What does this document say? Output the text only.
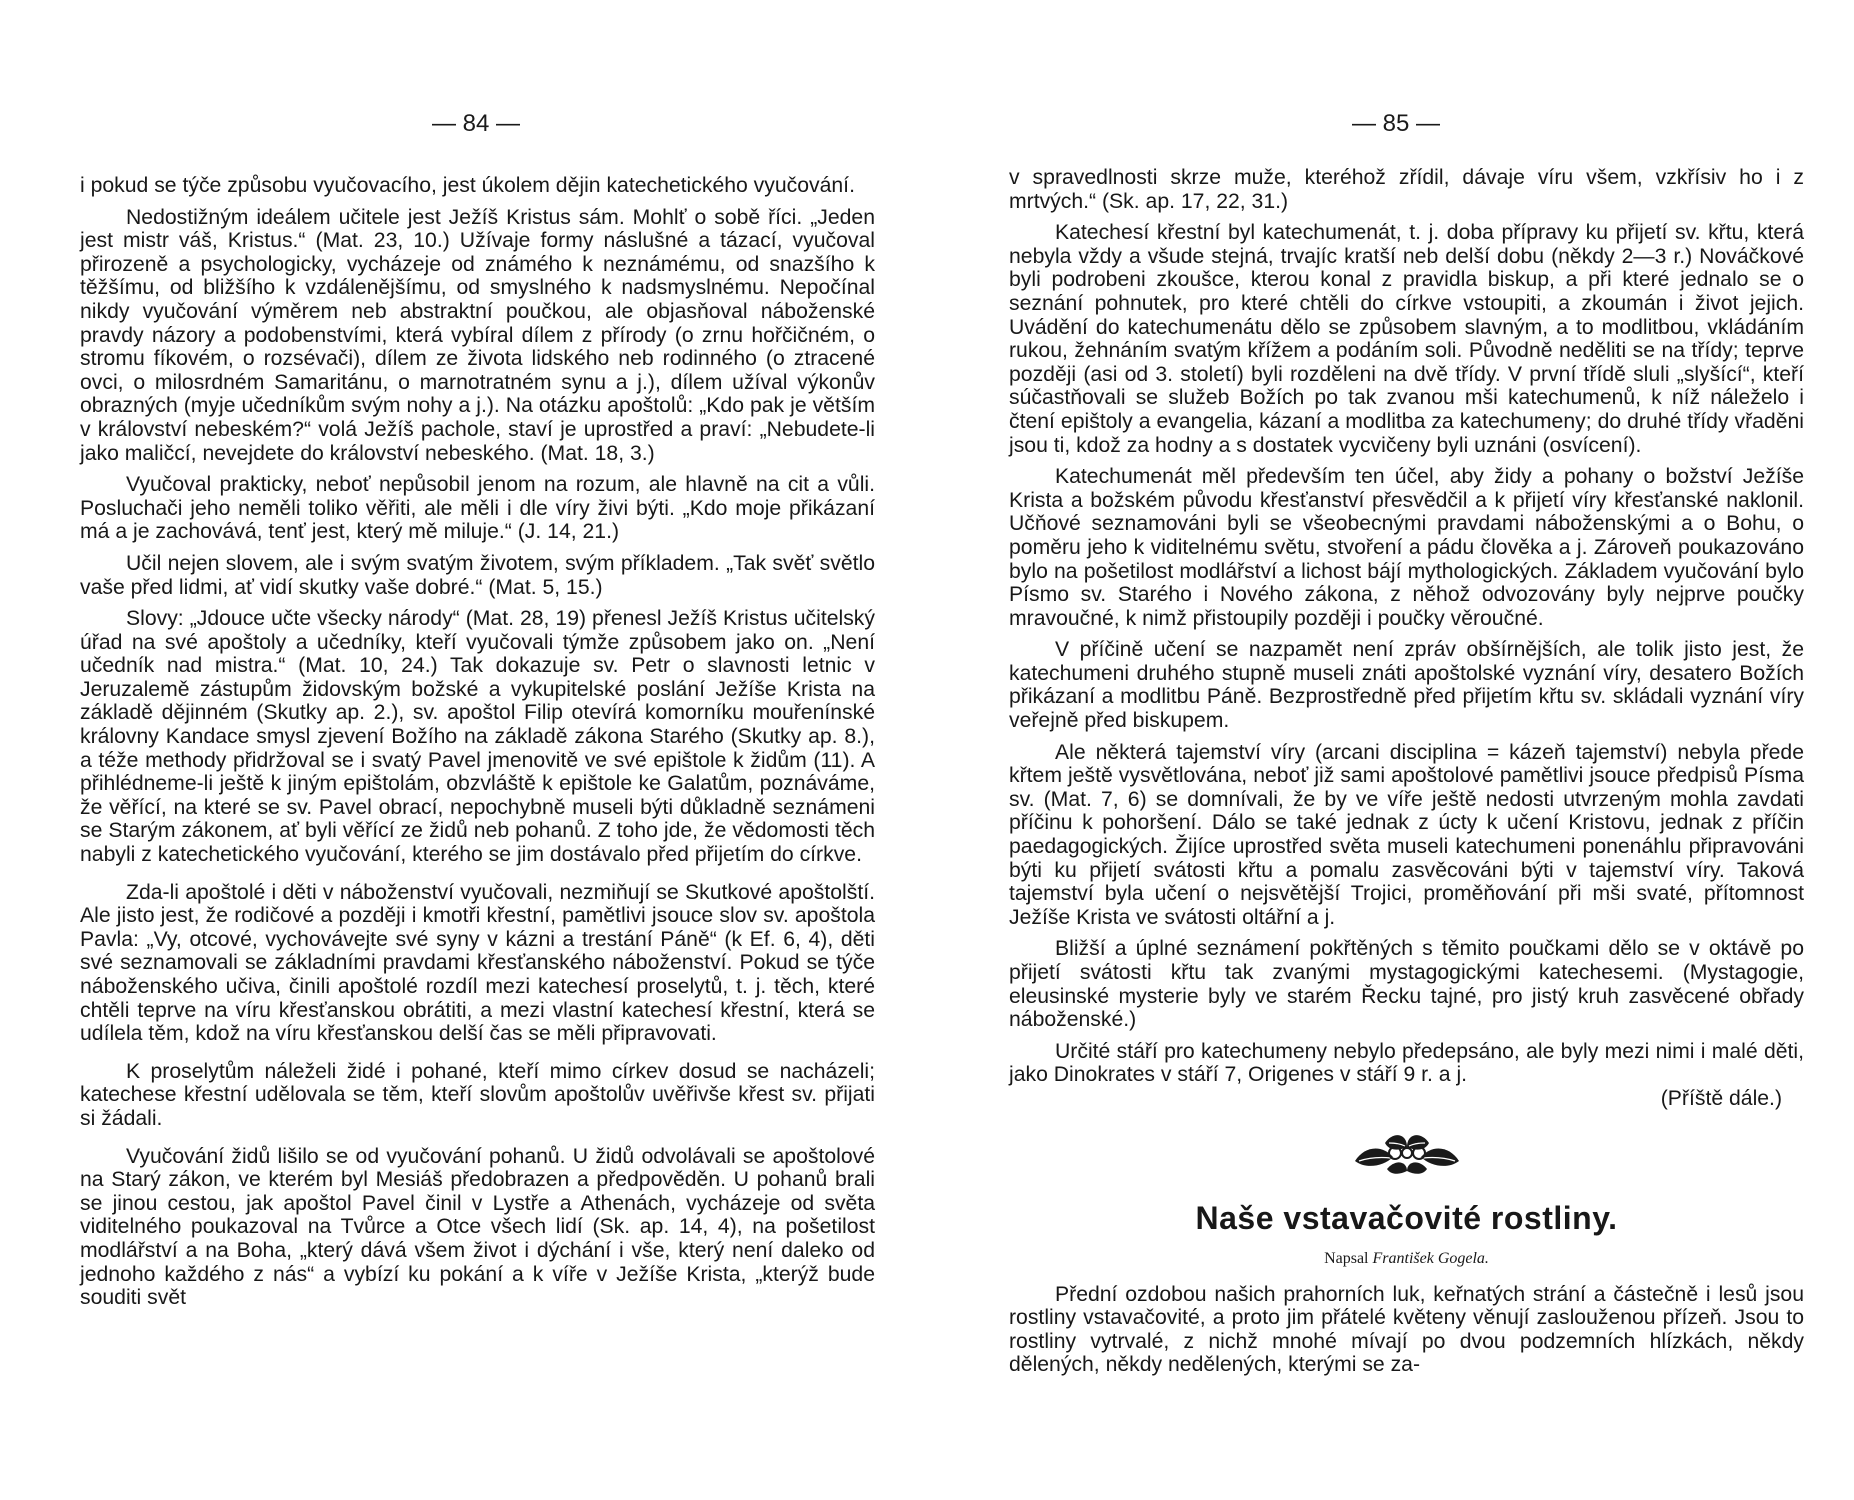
— 84 —

i pokud se týče způsobu vyučovacího, jest úkolem dějin katechetického vyučování.

Nedostižným ideálem učitele jest Ježíš Kristus sám. Mohlť o sobě říci. „Jeden jest mistr váš, Kristus.“ (Mat. 23, 10.) Užívaje formy náslušné a tázací, vyučoval přirozeně a psychologicky, vycházeje od známého k neznámému, od snazšího k těžšímu, od bližšího k vzdálenějšímu, od smyslného k nadsmyslnému. Nepočínal nikdy vyučování výměrem neb abstraktní poučkou, ale objasňoval náboženské pravdy názory a podobenstvími, která vybíral dílem z přírody (o zrnu hořčičném, o stromu fíkovém, o rozsévači), dílem ze života lidského neb rodinného (o ztracené ovci, o milosrdném Samaritánu, o marnotratném synu a j.), dílem užíval výkonův obrazných (myje učedníkům svým nohy a j.). Na otázku apoštolů: „Kdo pak je větším v království nebeském?“ volá Ježíš pachole, staví je uprostřed a praví: „Nebudete-li jako maličcí, nevejdete do království nebeského. (Mat. 18, 3.)

Vyučoval prakticky, neboť nepůsobil jenom na rozum, ale hlavně na cit a vůli. Posluchači jeho neměli toliko věřiti, ale měli i dle víry živi býti. „Kdo moje přikázaní má a je zachovává, tenť jest, který mě miluje.“ (J. 14, 21.)

Učil nejen slovem, ale i svým svatým životem, svým příkladem. „Tak svěť světlo vaše před lidmi, ať vidí skutky vaše dobré.“ (Mat. 5, 15.)

Slovy: „Jdouce učte všecky národy“ (Mat. 28, 19) přenesl Ježíš Kristus učitelský úřad na své apoštoly a učedníky, kteří vyučovali týmže způsobem jako on. „Není učedník nad mistra.“ (Mat. 10, 24.) Tak dokazuje sv. Petr o slavnosti letnic v Jeruzalemě zástupům židovským božské a vykupitelské poslání Ježíše Krista na základě dějinném (Skutky ap. 2.), sv. apoštol Filip otevírá komorníku mouřenínské královny Kandace smysl zjevení Božího na základě zákona Starého (Skutky ap. 8.), a téže methody přidržoval se i svatý Pavel jmenovitě ve své epištole k židům (11). A přihlédneme-li ještě k jiným epištolám, obzvláště k epištole ke Galatům, poznáváme, že věřící, na které se sv. Pavel obrací, nepochybně museli býti důkladně seznámeni se Starým zákonem, ať byli věřící ze židů neb pohanů. Z toho jde, že vědomosti těch nabyli z katechetického vyučování, kterého se jim dostávalo před přijetím do církve.

Zda-li apoštolé i děti v náboženství vyučovali, nezmiňují se Skutkové apoštolští. Ale jisto jest, že rodičové a později i kmotři křestní, pamětlivi jsouce slov sv. apoštola Pavla: „Vy, otcové, vychovávejte své syny v kázni a trestání Páně“ (k Ef. 6, 4), děti své seznamovali se základními pravdami křesťanského náboženství. Pokud se týče náboženského učiva, činili apoštolé rozdíl mezi katechesí proselytů, t. j. těch, které chtěli teprve na víru křesťanskou obrátiti, a mezi vlastní katechesí křestní, která se udílela těm, kdož na víru křesťanskou delší čas se měli připravovati.

K proselytům náleželi židé i pohané, kteří mimo církev dosud se nacházeli; katechese křestní udělovala se těm, kteří slovům apoštolův uvěřivše křest sv. přijati si žádali.

Vyučování židů lišilo se od vyučování pohanů. U židů odvolávali se apoštolové na Starý zákon, ve kterém byl Mesiáš předobrazen a předpověděn. U pohanů brali se jinou cestou, jak apoštol Pavel činil v Lystře a Athenách, vycházeje od světa viditelného poukazoval na Tvůrce a Otce všech lidí (Sk. ap. 14, 4), na pošetilost modlářství a na Boha, „který dává všem život i dýchání i vše, který není daleko od jednoho každého z nás“ a vybízí ku pokání a k víře v Ježíše Krista, „kterýž bude souditi svět

— 85 —

v spravedlnosti skrze muže, kteréhož zřídil, dávaje víru všem, vzkřísiv ho i z mrtvých.“ (Sk. ap. 17, 22, 31.)

Katechesí křestní byl katechumenát, t. j. doba přípravy ku přijetí sv. křtu, která nebyla vždy a všude stejná, trvajíc kratší neb delší dobu (někdy 2—3 r.) Nováčkové byli podrobeni zkoušce, kterou konal z pravidla biskup, a při které jednalo se o seznání pohnutek, pro které chtěli do církve vstoupiti, a zkoumán i život jejich. Uvádění do katechumenátu dělo se způsobem slavným, a to modlitbou, vkládáním rukou, žehnáním svatým křížem a podáním soli. Původně neděliti se na třídy; teprve později (asi od 3. století) byli rozděleni na dvě třídy. V první třídě sluli „slyšící“, kteří súčastňovali se služeb Božích po tak zvanou mši katechumenů, k níž náleželo i čtení epištoly a evangelia, kázaní a modlitba za katechumeny; do druhé třídy vřaděni jsou ti, kdož za hodny a s dostatek vycvičeny byli uznáni (osvícení).

Katechumenát měl především ten účel, aby židy a pohany o božství Ježíše Krista a božském původu křesťanství přesvědčil a k přijetí víry křesťanské naklonil. Učňové seznamováni byli se všeobecnými pravdami náboženskými a o Bohu, o poměru jeho k viditelnému světu, stvoření a pádu člověka a j. Zároveň poukazováno bylo na pošetilost modlářství a lichost bájí mythologických. Základem vyučování bylo Písmo sv. Starého i Nového zákona, z něhož odvozovány byly nejprve poučky mravoučné, k nimž přistoupily později i poučky věroučné.

V příčině učení se nazpamět není zpráv obšírnějších, ale tolik jisto jest, že katechumeni druhého stupně museli znáti apoštolské vyznání víry, desatero Božích přikázaní a modlitbu Páně. Bezprostředně před přijetím křtu sv. skládali vyznání víry veřejně před biskupem.

Ale některá tajemství víry (arcani disciplina = kázeň tajemství) nebyla přede křtem ještě vysvětlována, neboť již sami apoštolové pamětlivi jsouce předpisů Písma sv. (Mat. 7, 6) se domnívali, že by ve víře ještě nedosti utvrzeným mohla zavdati příčinu k pohoršení. Dálo se také jednak z úcty k učení Kristovu, jednak z příčin paedagogických. Žijíce uprostřed světa museli katechumeni ponenáhlu připravováni býti ku přijetí svátosti křtu a pomalu zasvěcováni býti v tajemství víry. Taková tajemství byla učení o nejsvětější Trojici, proměňování při mši svaté, přítomnost Ježíše Krista ve svátosti oltářní a j.

Bližší a úplné seznámení pokřtěných s těmito poučkami dělo se v oktávě po přijetí svátosti křtu tak zvanými mystagogickými katechesemi. (Mystagogie, eleusinské mysterie byly ve starém Řecku tajné, pro jistý kruh zasvěcené obřady náboženské.)

Určité stáří pro katechumeny nebylo předepsáno, ale byly mezi nimi i malé děti, jako Dinokrates v stáří 7, Origenes v stáří 9 r. a j.

(Příště dále.)

Naše vstavačovité rostliny.
Napsal František Gogela.

Přední ozdobou našich prahorních luk, keřnatých strání a částečně i lesů jsou rostliny vstavačovité, a proto jim přátelé květeny věnují zaslouženou přízeň. Jsou to rostliny vytrvalé, z nichž mnohé mívají po dvou podzemních hlízkách, někdy dělených, někdy nedělených, kterými se za-
